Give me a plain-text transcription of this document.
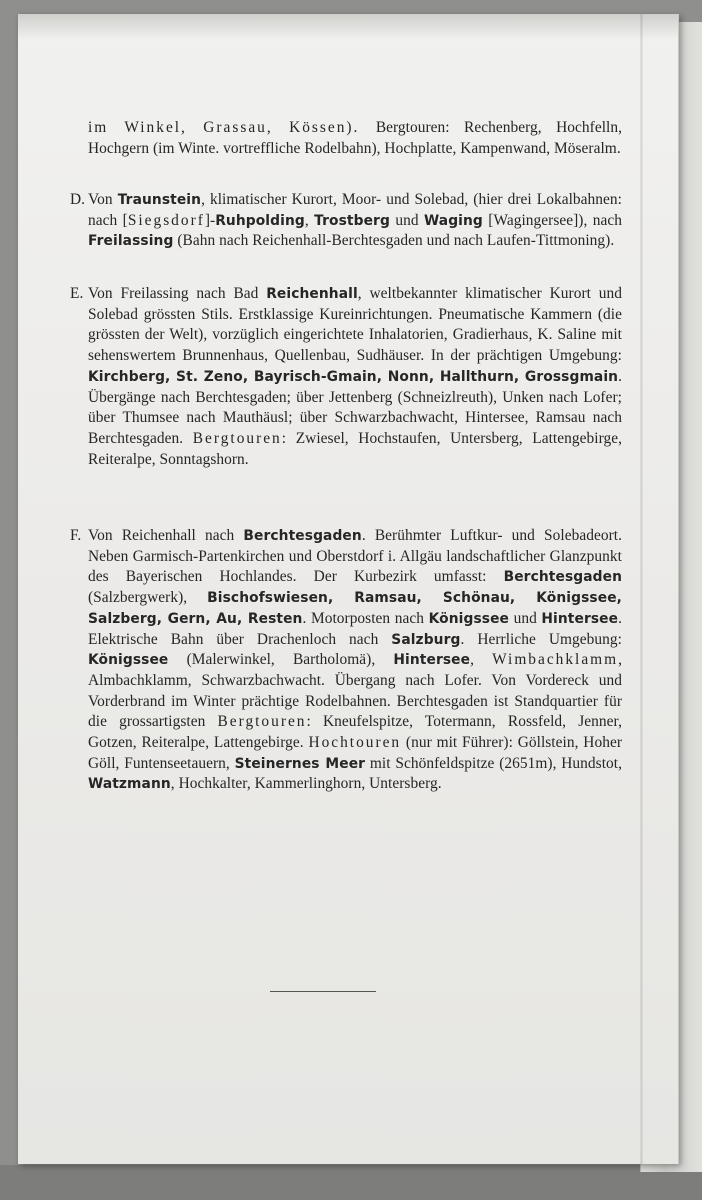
im Winkel, Grassau, Kössen). Bergtouren: Rechenberg, Hochfelln, Hochgern (im Winte. vortreffliche Rodelbahn), Hochplatte, Kampenwand, Möseralm.
D. Von Traunstein, klimatischer Kurort, Moor- und Solebad, (hier drei Lokalbahnen: nach [Siegsdorf]-Ruhpolding, Trostberg und Waging [Wagingersee]), nach Freilassing (Bahn nach Reichenhall-Berchtesgaden und nach Laufen-Tittmoning).
E. Von Freilassing nach Bad Reichenhall, weltbekannter klimatischer Kurort und Solebad grössten Stils. Erstklassige Kureinrichtungen. Pneumatische Kammern (die grössten der Welt), vorzüglich eingerichtete Inhalatorien, Gradierhaus, K. Saline mit sehenswertem Brunnenhaus, Quellenbau, Sudhäuser. In der prächtigen Umgebung: Kirchberg, St. Zeno, Bayrisch-Gmain, Nonn, Hallthurn, Grossgmain. Übergänge nach Berchtesgaden; über Jettenberg (Schneizlreuth), Unken nach Lofer; über Thumsee nach Mauthäusl; über Schwarzbachwacht, Hintersee, Ramsau nach Berchtesgaden. Bergtouren: Zwiesel, Hochstaufen, Untersberg, Lattengebirge, Reiteralpe, Sonntagshorn.
F. Von Reichenhall nach Berchtesgaden. Berühmter Luftkur- und Solebadeort. Neben Garmisch-Partenkirchen und Oberstdorf i. Allgäu landschaftlicher Glanzpunkt des Bayerischen Hochlandes. Der Kurbezirk umfasst: Berchtesgaden (Salzbergwerk), Bischofswiesen, Ramsau, Schönau, Königssee, Salzberg, Gern, Au, Resten. Motorposten nach Königssee und Hintersee. Elektrische Bahn über Drachenloch nach Salzburg. Herrliche Umgebung: Königssee (Malerwinkel, Bartholomä), Hintersee, Wimbachklamm, Almbachklamm, Schwarzbachwacht. Übergang nach Lofer. Von Vordereck und Vorderbrand im Winter prächtige Rodelbahnen. Berchtesgaden ist Standquartier für die grossartigsten Bergtouren: Kneufelspitze, Totermann, Rossfeld, Jenner, Gotzen, Reiteralpe, Lattengebirge. Hochtouren (nur mit Führer): Göllstein, Hoher Göll, Funtenseetauern, Steinernes Meer mit Schönfeldspitze (2651m), Hundstot, Watzmann, Hochkalter, Kammerlinghorn, Untersberg.
